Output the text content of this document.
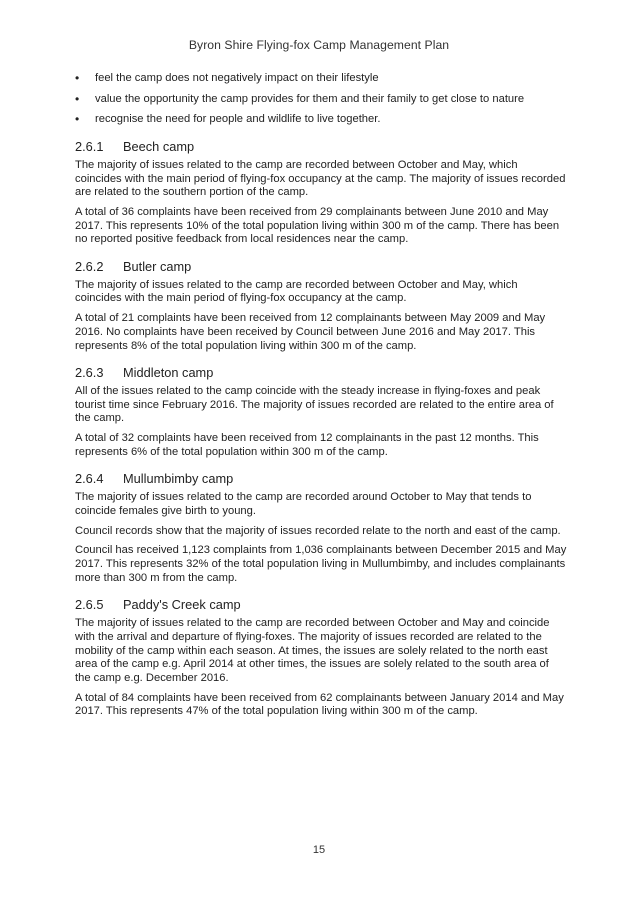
Byron Shire Flying-fox Camp Management Plan
• feel the camp does not negatively impact on their lifestyle
• value the opportunity the camp provides for them and their family to get close to nature
• recognise the need for people and wildlife to live together.
2.6.1 Beech camp

The majority of issues related to the camp are recorded between October and May, which coincides with the main period of flying-fox occupancy at the camp. The majority of issues recorded are related to the southern portion of the camp.

A total of 36 complaints have been received from 29 complainants between June 2010 and May 2017. This represents 10% of the total population living within 300 m of the camp. There has been no reported positive feedback from local residences near the camp.

2.6.2 Butler camp

The majority of issues related to the camp are recorded between October and May, which coincides with the main period of flying-fox occupancy at the camp.

A total of 21 complaints have been received from 12 complainants between May 2009 and May 2016. No complaints have been received by Council between June 2016 and May 2017. This represents 8% of the total population living within 300 m of the camp.

2.6.3 Middleton camp

All of the issues related to the camp coincide with the steady increase in flying-foxes and peak tourist time since February 2016. The majority of issues recorded are related to the entire area of the camp.

A total of 32 complaints have been received from 12 complainants in the past 12 months. This represents 6% of the total population within 300 m of the camp.

2.6.4 Mullumbimby camp

The majority of issues related to the camp are recorded around October to May that tends to coincide females give birth to young.

Council records show that the majority of issues recorded relate to the north and east of the camp.

Council has received 1,123 complaints from 1,036 complainants between December 2015 and May 2017. This represents 32% of the total population living in Mullumbimby, and includes complainants more than 300 m from the camp.

2.6.5 Paddy's Creek camp

The majority of issues related to the camp are recorded between October and May and coincide with the arrival and departure of flying-foxes. The majority of issues recorded are related to the mobility of the camp within each season. At times, the issues are solely related to the north east area of the camp e.g. April 2014 at other times, the issues are solely related to the south area of the camp e.g. December 2016.

A total of 84 complaints have been received from 62 complainants between January 2014 and May 2017. This represents 47% of the total population living within 300 m of the camp.

15
